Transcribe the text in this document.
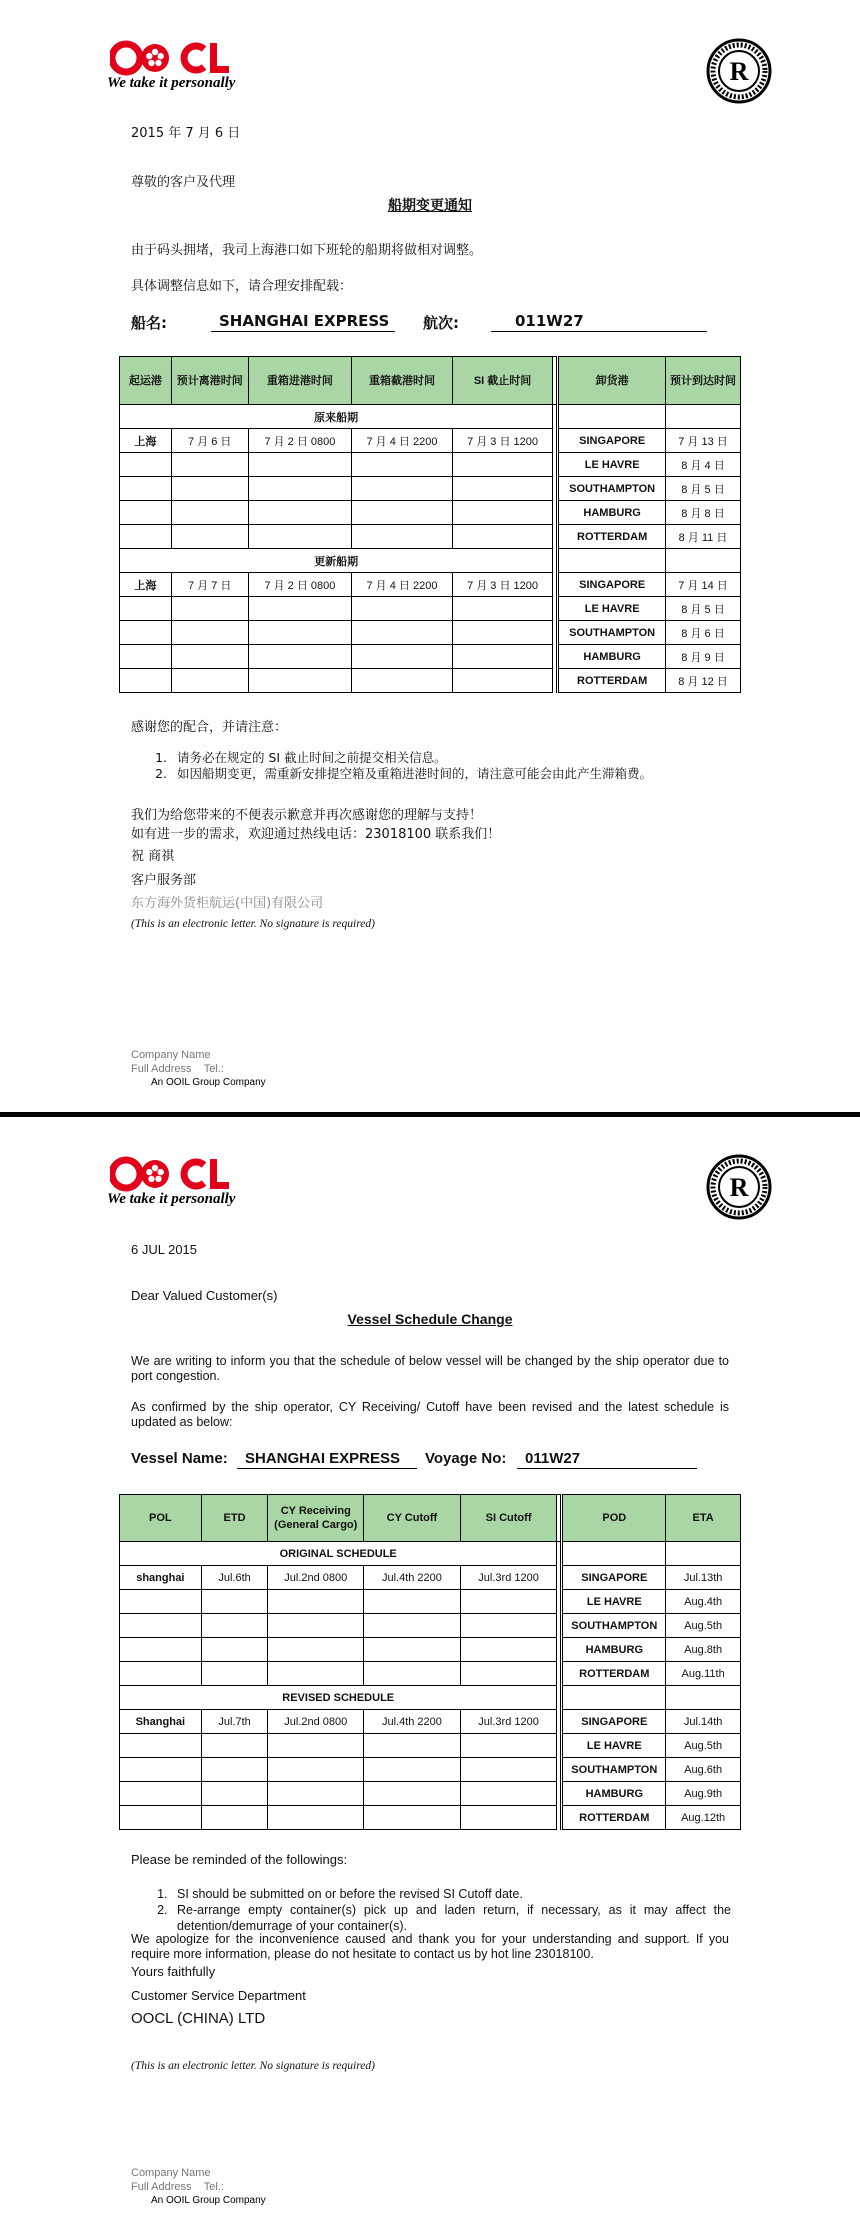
We take it personally	R
2015 年 7 月 6 日
尊敬的客户及代理
船期变更通知
由于码头拥堵，我司上海港口如下班轮的船期将做相对调整。
具体调整信息如下，请合理安排配载：
船名:	SHANGHAI EXPRESS	航次:	011W27
起运港	预计离港时间	重箱进港时间	重箱截港时间	SI 截止时间		卸货港	预计到达时间
原来船期							
上海	7 月 6 日	7 月 2 日 0800	7 月 4 日 2200	7 月 3 日 1200		SINGAPORE	7 月 13 日
						LE HAVRE	8 月 4 日
						SOUTHAMPTON	8 月 5 日
						HAMBURG	8 月 8 日
						ROTTERDAM	8 月 11 日
更新船期							
上海	7 月 7 日	7 月 2 日 0800	7 月 4 日 2200	7 月 3 日 1200		SINGAPORE	7 月 14 日
						LE HAVRE	8 月 5 日
						SOUTHAMPTON	8 月 6 日
						HAMBURG	8 月 9 日
						ROTTERDAM	8 月 12 日
感谢您的配合，并请注意：
1. 请务必在规定的 SI 截止时间之前提交相关信息。
2. 如因船期变更，需重新安排提空箱及重箱进港时间的，请注意可能会由此产生滞箱费。
我们为给您带来的不便表示歉意并再次感谢您的理解与支持！
如有进一步的需求，欢迎通过热线电话：23018100 联系我们！
祝 商祺
客户服务部
东方海外货柜航运(中国)有限公司
(This is an electronic letter. No signature is required)
Company Name
Full Address Tel.:
An OOIL Group Company
We take it personally	R
6 JUL 2015
Dear Valued Customer(s)
Vessel Schedule Change
We are writing to inform you that the schedule of below vessel will be changed by the ship operator due to port congestion.
As confirmed by the ship operator, CY Receiving/ Cutoff have been revised and the latest schedule is updated as below:
Vessel Name:	SHANGHAI EXPRESS	Voyage No:	011W27
POL	ETD	CY Receiving (General Cargo)	CY Cutoff	SI Cutoff		POD	ETA
ORIGINAL SCHEDULE							
shanghai	Jul.6th	Jul.2nd 0800	Jul.4th 2200	Jul.3rd 1200		SINGAPORE	Jul.13th
						LE HAVRE	Aug.4th
						SOUTHAMPTON	Aug.5th
						HAMBURG	Aug.8th
						ROTTERDAM	Aug.11th
REVISED SCHEDULE							
Shanghai	Jul.7th	Jul.2nd 0800	Jul.4th 2200	Jul.3rd 1200		SINGAPORE	Jul.14th
						LE HAVRE	Aug.5th
						SOUTHAMPTON	Aug.6th
						HAMBURG	Aug.9th
						ROTTERDAM	Aug.12th
Please be reminded of the followings:
1. SI should be submitted on or before the revised SI Cutoff date.
2. Re-arrange empty container(s) pick up and laden return, if necessary, as it may affect the detention/demurrage of your container(s).
We apologize for the inconvenience caused and thank you for your understanding and support. If you require more information, please do not hesitate to contact us by hot line 23018100.
Yours faithfully
Customer Service Department
OOCL (CHINA) LTD
(This is an electronic letter. No signature is required)
Company Name
Full Address Tel.:
An OOIL Group Company
